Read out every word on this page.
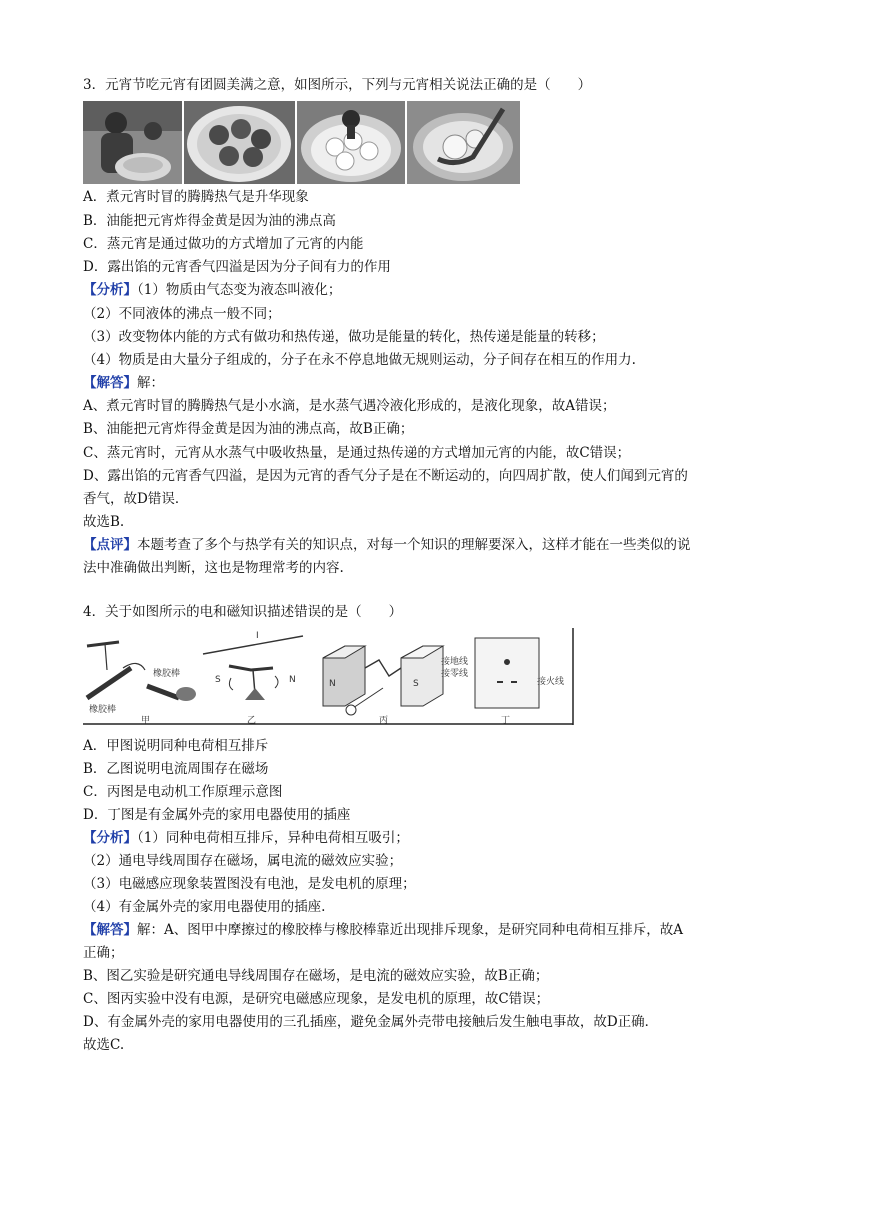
3．元宵节吃元宵有团圆美满之意，如图所示，下列与元宵相关说法正确的是（　　）
A．煮元宵时冒的腾腾热气是升华现象
B．油能把元宵炸得金黄是因为油的沸点高
C．蒸元宵是通过做功的方式增加了元宵的内能
D．露出馅的元宵香气四溢是因为分子间有力的作用
【分析】（1）物质由气态变为液态叫液化；
（2）不同液体的沸点一般不同；
（3）改变物体内能的方式有做功和热传递，做功是能量的转化，热传递是能量的转移；
（4）物质是由大量分子组成的，分子在永不停息地做无规则运动，分子间存在相互的作用力.
【解答】解：
A、煮元宵时冒的腾腾热气是小水滴，是水蒸气遇冷液化形成的，是液化现象，故A错误；
B、油能把元宵炸得金黄是因为油的沸点高，故B正确；
C、蒸元宵时，元宵从水蒸气中吸收热量，是通过热传递的方式增加元宵的内能，故C错误；
D、露出馅的元宵香气四溢，是因为元宵的香气分子是在不断运动的，向四周扩散，使人们闻到元宵的
香气，故D错误．
故选B.
【点评】本题考查了多个与热学有关的知识点，对每一个知识的理解要深入，这样才能在一些类似的说
法中准确做出判断，这也是物理常考的内容.
4．关于如图所示的电和磁知识描述错误的是（　　）
橡胶棒
橡胶棒
甲
I
S	N
乙
N	S
丙
接地线
接零线
接火线
丁
A．甲图说明同种电荷相互排斥
B．乙图说明电流周围存在磁场
C．丙图是电动机工作原理示意图
D．丁图是有金属外壳的家用电器使用的插座
【分析】（1）同种电荷相互排斥，异种电荷相互吸引；
（2）通电导线周围存在磁场，属电流的磁效应实验；
（3）电磁感应现象装置图没有电池，是发电机的原理；
（4）有金属外壳的家用电器使用的插座.
【解答】解：A、图甲中摩擦过的橡胶棒与橡胶棒靠近出现排斥现象，是研究同种电荷相互排斥，故A
正确；
B、图乙实验是研究通电导线周围存在磁场，是电流的磁效应实验，故B正确；
C、图丙实验中没有电源，是研究电磁感应现象，是发电机的原理，故C错误；
D、有金属外壳的家用电器使用的三孔插座，避免金属外壳带电接触后发生触电事故，故D正确．
故选C.
